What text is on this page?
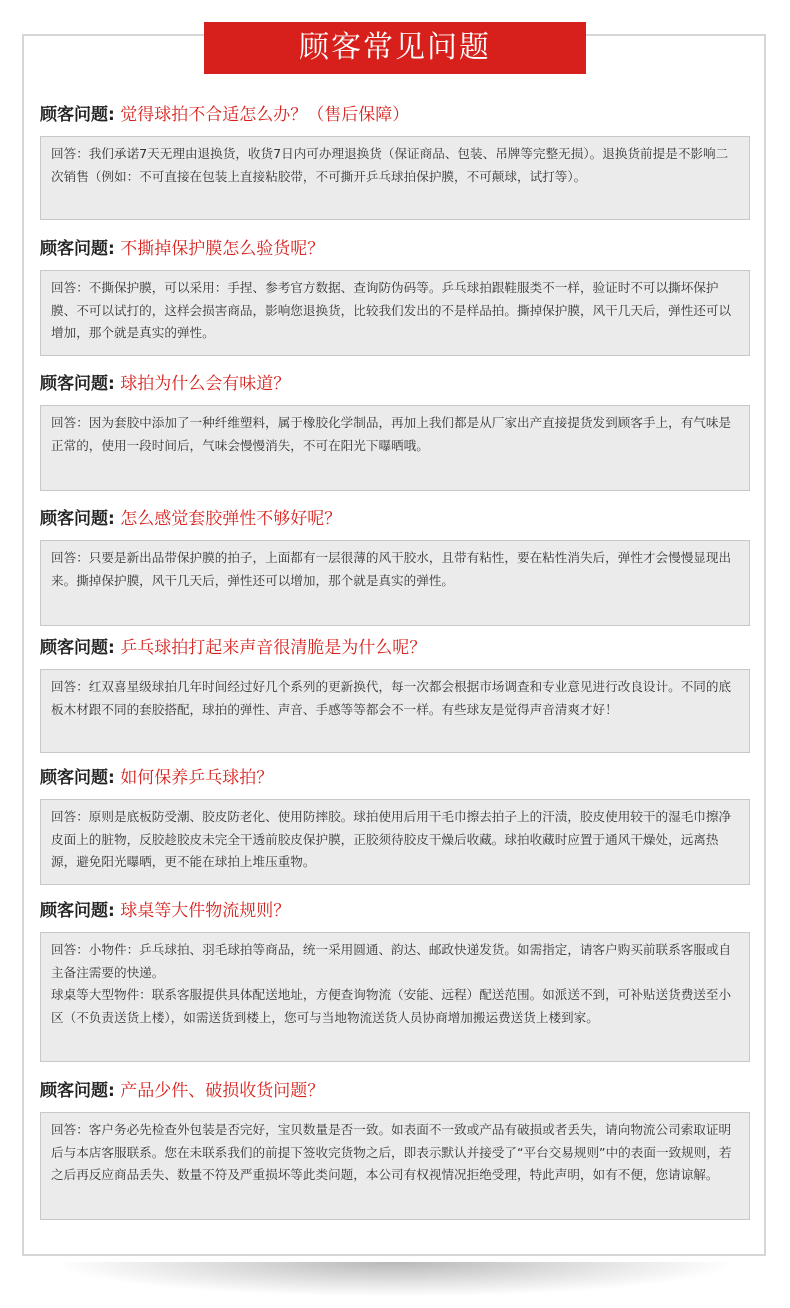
顾客常见问题
顾客问题: 觉得球拍不合适怎么办？（售后保障）

回答：我们承诺7天无理由退换货，收货7日内可办理退换货（保证商品、包装、吊牌等完整无损）。退换货前提是不影响二次销售（例如：不可直接在包装上直接粘胶带，不可撕开乒乓球拍保护膜，不可颠球，试打等）。

顾客问题: 不撕掉保护膜怎么验货呢？

回答：不撕保护膜，可以采用：手捏、参考官方数据、查询防伪码等。乒乓球拍跟鞋服类不一样，验证时不可以撕坏保护膜、不可以试打的，这样会损害商品，影响您退换货，比较我们发出的不是样品拍。撕掉保护膜，风干几天后，弹性还可以增加，那个就是真实的弹性。

顾客问题: 球拍为什么会有味道？

回答：因为套胶中添加了一种纤维塑料，属于橡胶化学制品，再加上我们都是从厂家出产直接提货发到顾客手上，有气味是正常的，使用一段时间后，气味会慢慢消失，不可在阳光下曝晒哦。

顾客问题: 怎么感觉套胶弹性不够好呢？

回答：只要是新出品带保护膜的拍子，上面都有一层很薄的风干胶水，且带有粘性，要在粘性消失后，弹性才会慢慢显现出来。撕掉保护膜，风干几天后，弹性还可以增加，那个就是真实的弹性。

顾客问题: 乒乓球拍打起来声音很清脆是为什么呢？

回答：红双喜星级球拍几年时间经过好几个系列的更新换代，每一次都会根据市场调查和专业意见进行改良设计。不同的底板木材跟不同的套胶搭配，球拍的弹性、声音、手感等等都会不一样。有些球友是觉得声音清爽才好！

顾客问题: 如何保养乒乓球拍？

回答：原则是底板防受潮、胶皮防老化、使用防摔胶。球拍使用后用干毛巾擦去拍子上的汗渍，胶皮使用较干的湿毛巾擦净皮面上的脏物，反胶趁胶皮未完全干透前胶皮保护膜，正胶须待胶皮干燥后收藏。球拍收藏时应置于通风干燥处，远离热源，避免阳光曝晒，更不能在球拍上堆压重物。

顾客问题: 球桌等大件物流规则？

回答：小物件：乒乓球拍、羽毛球拍等商品，统一采用圆通、韵达、邮政快递发货。如需指定，请客户购买前联系客服或自主备注需要的快递。

球桌等大型物件：联系客服提供具体配送地址，方便查询物流（安能、远程）配送范围。如派送不到，可补贴送货费送至小区（不负责送货上楼），如需送货到楼上，您可与当地物流送货人员协商增加搬运费送货上楼到家。

顾客问题: 产品少件、破损收货问题？

回答：客户务必先检查外包装是否完好，宝贝数量是否一致。如表面不一致或产品有破损或者丢失，请向物流公司索取证明后与本店客服联系。您在未联系我们的前提下签收完货物之后，即表示默认并接受了“平台交易规则”中的表面一致规则，若之后再反应商品丢失、数量不符及严重损坏等此类问题，本公司有权视情况拒绝受理，特此声明，如有不便，您请谅解。
